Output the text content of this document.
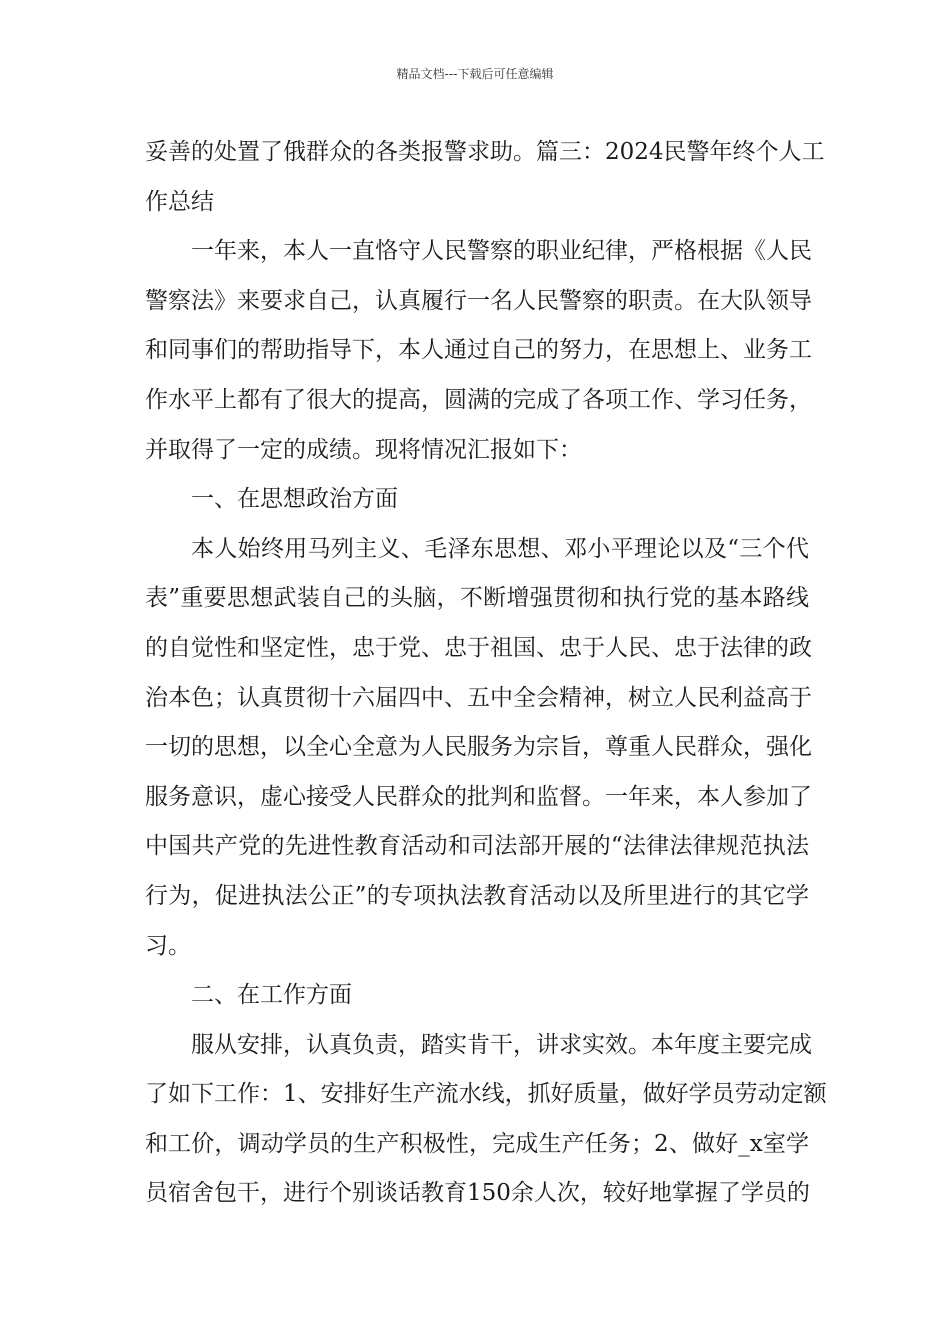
精品文档---下载后可任意编辑
妥善的处置了俄群众的各类报警求助。篇三：2024民警年终个人工
作总结
一年来，本人一直恪守人民警察的职业纪律，严格根据《人民
警察法》来要求自己，认真履行一名人民警察的职责。在大队领导
和同事们的帮助指导下，本人通过自己的努力，在思想上、业务工
作水平上都有了很大的提高，圆满的完成了各项工作、学习任务，
并取得了一定的成绩。现将情况汇报如下：
一、在思想政治方面
本人始终用马列主义、毛泽东思想、邓小平理论以及“三个代
表”重要思想武装自己的头脑，不断增强贯彻和执行党的基本路线
的自觉性和坚定性，忠于党、忠于祖国、忠于人民、忠于法律的政
治本色；认真贯彻十六届四中、五中全会精神，树立人民利益高于
一切的思想，以全心全意为人民服务为宗旨，尊重人民群众，强化
服务意识，虚心接受人民群众的批判和监督。一年来，本人参加了
中国共产党的先进性教育活动和司法部开展的“法律法律规范执法
行为，促进执法公正”的专项执法教育活动以及所里进行的其它学
习。
二、在工作方面
服从安排，认真负责，踏实肯干，讲求实效。本年度主要完成
了如下工作：1、安排好生产流水线，抓好质量，做好学员劳动定额
和工价，调动学员的生产积极性，完成生产任务；2、做好_x室学
员宿舍包干，进行个别谈话教育150余人次，较好地掌握了学员的
